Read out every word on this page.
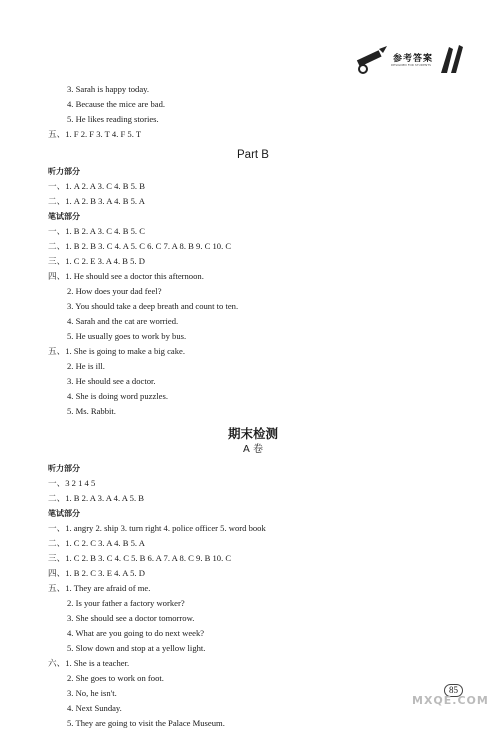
参考答案
DESIGNED FOR STUDENTS
3. Sarah is happy today.
4. Because the mice are bad.
5. He likes reading stories.
五、1. F 2. F 3. T 4. F 5. T
Part B
听力部分
一、1. A 2. A 3. C 4. B 5. B
二、1. A 2. B 3. A 4. B 5. A
笔试部分
一、1. B 2. A 3. C 4. B 5. C
二、1. B 2. B 3. C 4. A 5. C 6. C 7. A 8. B 9. C 10. C
三、1. C 2. E 3. A 4. B 5. D
四、1. He should see a doctor this afternoon.
2. How does your dad feel?
3. You should take a deep breath and count to ten.
4. Sarah and the cat are worried.
5. He usually goes to work by bus.
五、1. She is going to make a big cake.
2. He is ill.
3. He should see a doctor.
4. She is doing word puzzles.
5. Ms. Rabbit.
期末检测
A 卷
听力部分
一、3 2 1 4 5
二、1. B 2. A 3. A 4. A 5. B
笔试部分
一、1. angry 2. ship 3. turn right 4. police officer 5. word book
二、1. C 2. C 3. A 4. B 5. A
三、1. C 2. B 3. C 4. C 5. B 6. A 7. A 8. C 9. B 10. C
四、1. B 2. C 3. E 4. A 5. D
五、1. They are afraid of me.
2. Is your father a factory worker?
3. She should see a doctor tomorrow.
4. What are you going to do next week?
5. Slow down and stop at a yellow light.
六、1. She is a teacher.
2. She goes to work on foot.
3. No, he isn't.
4. Next Sunday.
5. They are going to visit the Palace Museum.
85
MXQE.COM
